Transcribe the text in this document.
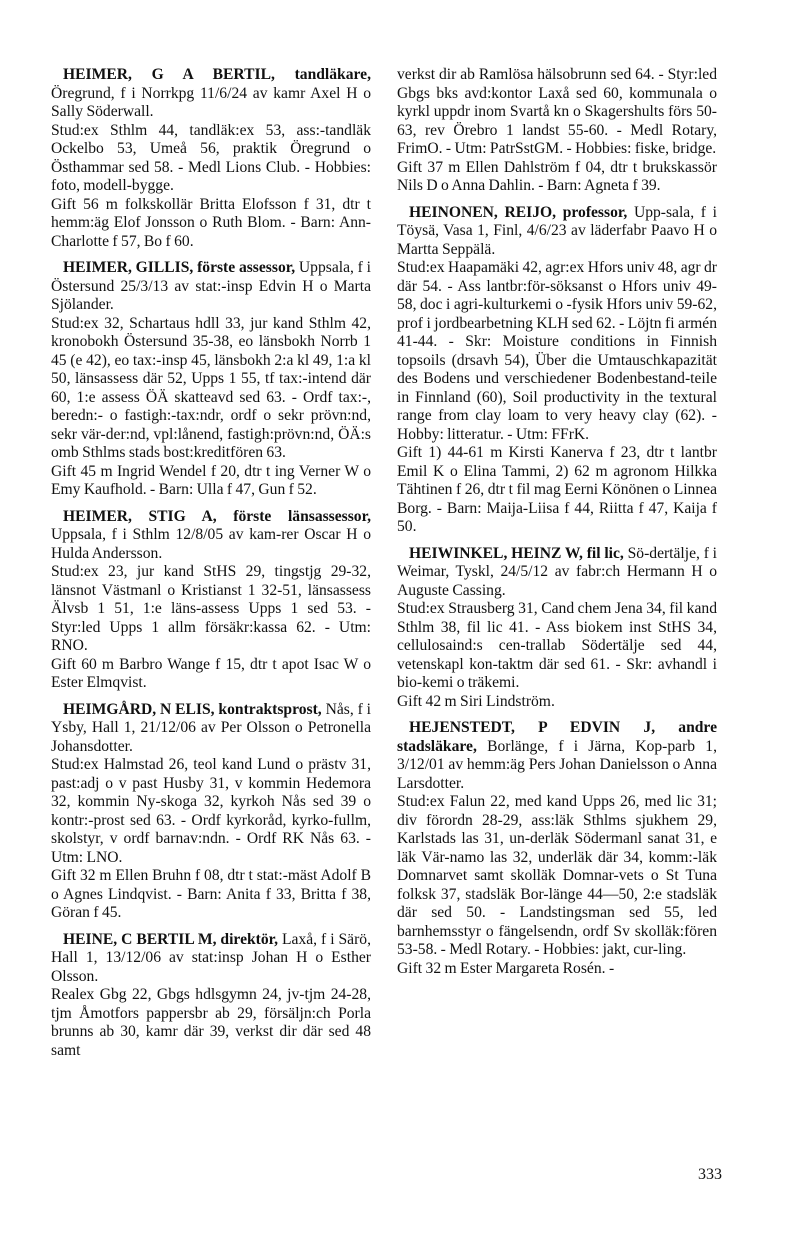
HEIMER, G A BERTIL, tandläkare, Öregrund, f i Norrkpg 11/6/24 av kamr Axel H o Sally Söderwall.
Stud:ex Sthlm 44, tandläk:ex 53, ass:-tandläk Ockelbo 53, Umeå 56, praktik Öregrund o Östhammar sed 58. - Medl Lions Club. - Hobbies: foto, modell-bygge.
Gift 56 m folkskollär Britta Elofsson f 31, dtr t hemm:äg Elof Jonsson o Ruth Blom. - Barn: Ann-Charlotte f 57, Bo f 60.
HEIMER, GILLIS, förste assessor, Uppsala, f i Östersund 25/3/13 av stat:-insp Edvin H o Marta Sjölander.
Stud:ex 32, Schartaus hdll 33, jur kand Sthlm 42, kronobokh Östersund 35-38, eo länsbokh Norrb 1 45 (e 42), eo tax:-insp 45, länsbokh 2:a kl 49, 1:a kl 50, länsassess där 52, Upps 1 55, tf tax:-intend där 60, 1:e assess ÖÄ skatteavd sed 63. - Ordf tax:-, beredn:- o fastigh:-tax:ndr, ordf o sekr prövn:nd, sekr vär-der:nd, vpl:lånend, fastigh:prövn:nd, ÖÄ:s omb Sthlms stads bost:kreditfören 63.
Gift 45 m Ingrid Wendel f 20, dtr t ing Verner W o Emy Kaufhold. - Barn: Ulla f 47, Gun f 52.
HEIMER, STIG A, förste länsassessor, Uppsala, f i Sthlm 12/8/05 av kam-rer Oscar H o Hulda Andersson.
Stud:ex 23, jur kand StHS 29, tingstjg 29-32, länsnot Västmanl o Kristianst 1 32-51, länsassess Älvsb 1 51, 1:e läns-assess Upps 1 sed 53. - Styr:led Upps 1 allm försäkr:kassa 62. - Utm: RNO.
Gift 60 m Barbro Wange f 15, dtr t apot Isac W o Ester Elmqvist.
HEIMGÅRD, N ELIS, kontraktsprost, Nås, f i Ysby, Hall 1, 21/12/06 av Per Olsson o Petronella Johansdotter.
Stud:ex Halmstad 26, teol kand Lund o prästv 31, past:adj o v past Husby 31, v kommin Hedemora 32, kommin Ny-skoga 32, kyrkoh Nås sed 39 o kontr:-prost sed 63. - Ordf kyrkoråd, kyrko-fullm, skolstyr, v ordf barnav:ndn. - Ordf RK Nås 63. - Utm: LNO.
Gift 32 m Ellen Bruhn f 08, dtr t stat:-mäst Adolf B o Agnes Lindqvist. - Barn: Anita f 33, Britta f 38, Göran f 45.
HEINE, C BERTIL M, direktör, Laxå, f i Särö, Hall 1, 13/12/06 av stat:insp Johan H o Esther Olsson.
Realex Gbg 22, Gbgs hdlsgymn 24, jv-tjm 24-28, tjm Åmotfors pappersbr ab 29, försäljn:ch Porla brunns ab 30, kamr där 39, verkst dir där sed 48 samt
verkst dir ab Ramlösa hälsobrunn sed 64. - Styr:led Gbgs bks avd:kontor Laxå sed 60, kommunala o kyrkl uppdr inom Svartå kn o Skagershults förs 50-63, rev Örebro 1 landst 55-60. - Medl Rotary, FrimO. - Utm: PatrSstGM. - Hobbies: fiske, bridge.
Gift 37 m Ellen Dahlström f 04, dtr t brukskassör Nils D o Anna Dahlin. - Barn: Agneta f 39.
HEINONEN, REIJO, professor, Upp-sala, f i Töysä, Vasa 1, Finl, 4/6/23 av läderfabr Paavo H o Martta Seppälä.
Stud:ex Haapamäki 42, agr:ex Hfors univ 48, agr dr där 54. - Ass lantbr:för-söksanst o Hfors univ 49-58, doc i agri-kulturkemi o -fysik Hfors univ 59-62, prof i jordbearbetning KLH sed 62. - Löjtn fi armén 41-44. - Skr: Moisture conditions in Finnish topsoils (drsavh 54), Über die Umtauschkapazität des Bodens und verschiedener Bodenbestand-teile in Finnland (60), Soil productivity in the textural range from clay loam to very heavy clay (62). - Hobby: litteratur. - Utm: FFrK.
Gift 1) 44-61 m Kirsti Kanerva f 23, dtr t lantbr Emil K o Elina Tammi, 2) 62 m agronom Hilkka Tähtinen f 26, dtr t fil mag Eerni Könönen o Linnea Borg. - Barn: Maija-Liisa f 44, Riitta f 47, Kaija f 50.
HEIWINKEL, HEINZ W, fil lic, Sö-dertälje, f i Weimar, Tyskl, 24/5/12 av fabr:ch Hermann H o Auguste Cassing.
Stud:ex Strausberg 31, Cand chem Jena 34, fil kand Sthlm 38, fil lic 41. - Ass biokem inst StHS 34, cellulosaind:s cen-trallab Södertälje sed 44, vetenskapl kon-taktm där sed 61. - Skr: avhandl i bio-kemi o träkemi.
Gift 42 m Siri Lindström.
HEJENSTEDT, P EDVIN J, andre stadsläkare, Borlänge, f i Järna, Kop-parb 1, 3/12/01 av hemm:äg Pers Johan Danielsson o Anna Larsdotter.
Stud:ex Falun 22, med kand Upps 26, med lic 31; div förordn 28-29, ass:läk Sthlms sjukhem 29, Karlstads las 31, un-derläk Södermanl sanat 31, e läk Vär-namo las 32, underläk där 34, komm:-läk Domnarvet samt skolläk Domnar-vets o St Tuna folksk 37, stadsläk Bor-länge 44—50, 2:e stadsläk där sed 50. - Landstingsman sed 55, led barnhemsstyr o fängelsendn, ordf Sv skolläk:fören 53-58. - Medl Rotary. - Hobbies: jakt, cur-ling.
Gift 32 m Ester Margareta Rosén. -
333
